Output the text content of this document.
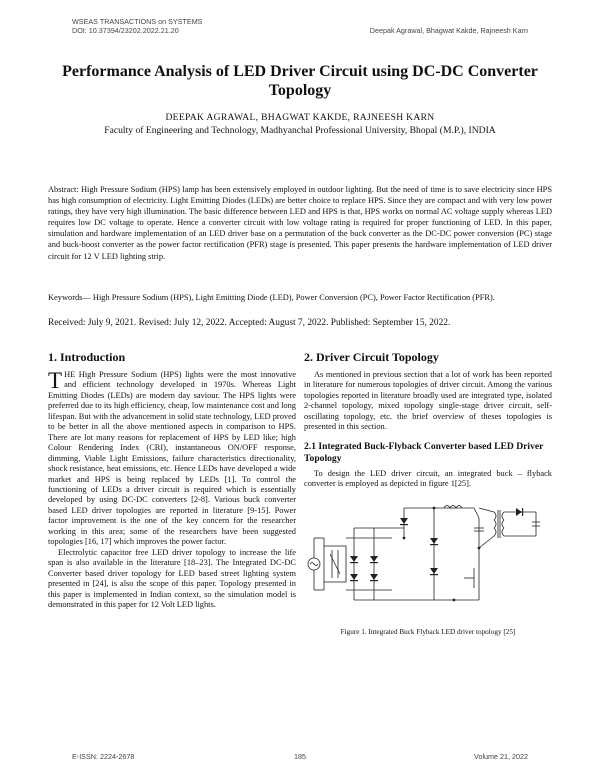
WSEAS TRANSACTIONS on SYSTEMS
DOI: 10.37394/23202.2022.21.20	Deepak Agrawal, Bhagwat Kakde, Rajneesh Karn
Performance Analysis of LED Driver Circuit using DC-DC Converter Topology
DEEPAK AGRAWAL, BHAGWAT KAKDE, RAJNEESH KARN
Faculty of Engineering and Technology, Madhyanchal Professional University, Bhopal (M.P.), INDIA
Abstract: High Pressure Sodium (HPS) lamp has been extensively employed in outdoor lighting. But the need of time is to save electricity since HPS has high consumption of electricity. Light Emitting Diodes (LEDs) are better choice to replace HPS. Since they are compact and with very low power ratings, they have very high illumination. The basic difference between LED and HPS is that, HPS works on normal AC voltage supply whereas LED requires low DC voltage to operate. Hence a converter circuit with low voltage rating is required for proper functioning of LED. In this paper, simulation and hardware implementation of an LED driver base on a permutation of the buck converter as the DC-DC power conversion (PC) stage and buck-boost converter as the power factor rectification (PFR) stage is presented. This paper presents the hardware implementation of LED driver circuit for 12 V LED lighting strip.
Keywords— High Pressure Sodium (HPS), Light Emitting Diode (LED), Power Conversion (PC), Power Factor Rectification (PFR).
Received: July 9, 2021. Revised: July 12, 2022. Accepted: August 7, 2022. Published: September 15, 2022.
1. Introduction

THE High Pressure Sodium (HPS) lights were the most innovative and efficient technology developed in 1970s. Whereas Light Emitting Diodes (LEDs) are modern day saviour. The HPS lights were preferred due to its high efficiency, cheap, low maintenance cost and long lifespan. But with the advancement in solid state technology, LED proved to be better in all the above mentioned aspects in comparison to HPS. There are lot many reasons for replacement of HPS by LED like; high Colour Rendering Index (CRI), instantaneous ON/OFF response, dimming, Viable Light Emissions, failure characteristics directionality, shock resistance, heat emissions, etc. Hence LEDs have developed a wide market and HPS is being replaced by LEDs [1]. To control the functioning of LEDs a driver circuit is required which is essentially developed by using DC-DC converters [2-8]. Various buck converter based LED driver topologies are reported in literature [9-15]. Power factor improvement is the one of the key concern for the researcher working in this area; some of the researchers have been suggested topologies [16, 17] which improves the power factor.

Electrolytic capacitor free LED driver topology to increase the life span is also available in the literature [18–23]. The Integrated DC-DC Converter based driver topology for LED based street lighting system presented in [24], is also the scope of this paper. Topology presented in this paper is implemented in Indian context, so the simulation model is demonstrated in this paper for 12 Volt LED lights.

2. Driver Circuit Topology

As mentioned in previous section that a lot of work has been reported in literature for numerous topologies of driver circuit. Among the various topologies reported in literature broadly used are integrated type, isolated 2-channel topology, mixed topology single-stage driver circuit, self-oscillating topology, etc. the brief overview of theses topologies is presented in this section.

2.1 Integrated Buck-Flyback Converter based LED Driver Topology

To design the LED driver circuit, an integrated buck – flyback converter is employed as depicted in figure 1[25].

Figure 1. Integrated Buck Flyback LED driver topology [25]
E-ISSN: 2224-2678	185	Volume 21, 2022
